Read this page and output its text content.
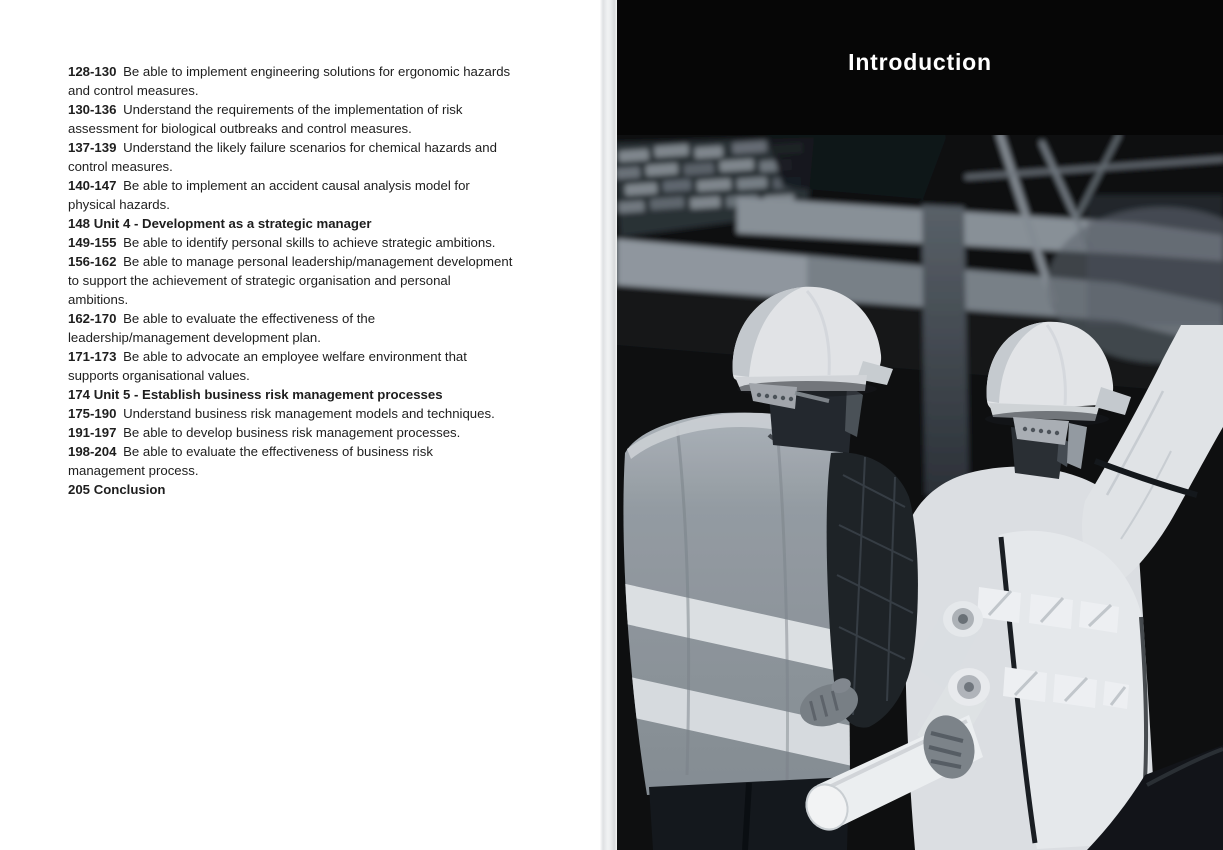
128-130 Be able to implement engineering solutions for ergonomic hazards and control measures.

130-136 Understand the requirements of the implementation of risk assessment for biological outbreaks and control measures.

137-139 Understand the likely failure scenarios for chemical hazards and control measures.

140-147 Be able to implement an accident causal analysis model for physical hazards.

148 Unit 4 - Development as a strategic manager

149-155 Be able to identify personal skills to achieve strategic ambitions.

156-162 Be able to manage personal leadership/management development to support the achievement of strategic organisation and personal ambitions.

162-170 Be able to evaluate the effectiveness of the leadership/management development plan.

171-173 Be able to advocate an employee welfare environment that supports organisational values.

174 Unit 5 - Establish business risk management processes

175-190 Understand business risk management models and techniques.

191-197 Be able to develop business risk management processes.

198-204 Be able to evaluate the effectiveness of business risk management process.

205 Conclusion

Introduction
